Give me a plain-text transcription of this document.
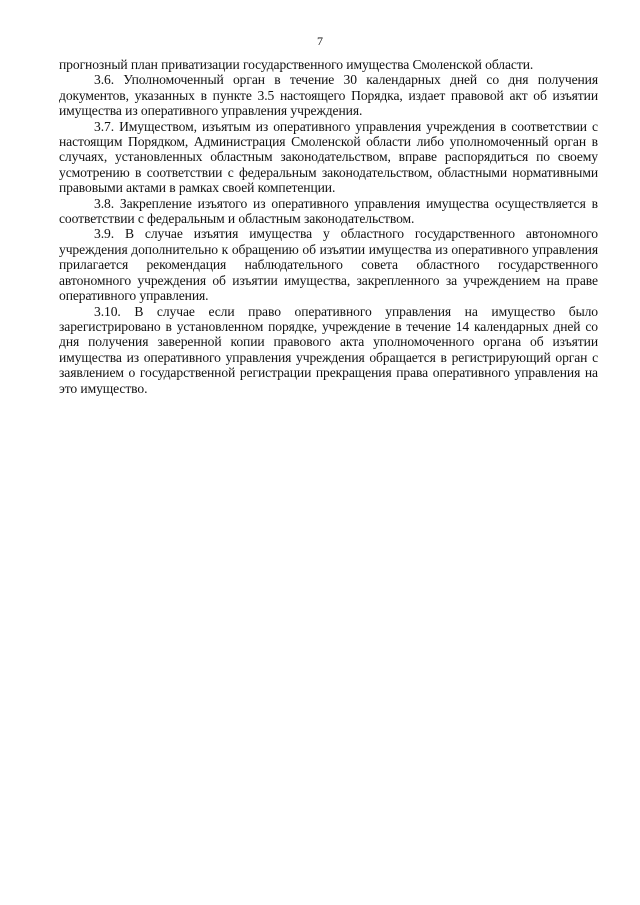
7

прогнозный план приватизации государственного имущества Смоленской области.

3.6. Уполномоченный орган в течение 30 календарных дней со дня получения документов, указанных в пункте 3.5 настоящего Порядка, издает правовой акт об изъятии имущества из оперативного управления учреждения.

3.7. Имуществом, изъятым из оперативного управления учреждения в соответствии с настоящим Порядком, Администрация Смоленской области либо уполномоченный орган в случаях, установленных областным законодательством, вправе распорядиться по своему усмотрению в соответствии с федеральным законодательством, областными нормативными правовыми актами в рамках своей компетенции.

3.8. Закрепление изъятого из оперативного управления имущества осуществляется в соответствии с федеральным и областным законодательством.

3.9. В случае изъятия имущества у областного государственного автономного учреждения дополнительно к обращению об изъятии имущества из оперативного управления прилагается рекомендация наблюдательного совета областного государственного автономного учреждения об изъятии имущества, закрепленного за учреждением на праве оперативного управления.

3.10. В случае если право оперативного управления на имущество было зарегистрировано в установленном порядке, учреждение в течение 14 календарных дней со дня получения заверенной копии правового акта уполномоченного органа об изъятии имущества из оперативного управления учреждения обращается в регистрирующий орган с заявлением о государственной регистрации прекращения права оперативного управления на это имущество.
